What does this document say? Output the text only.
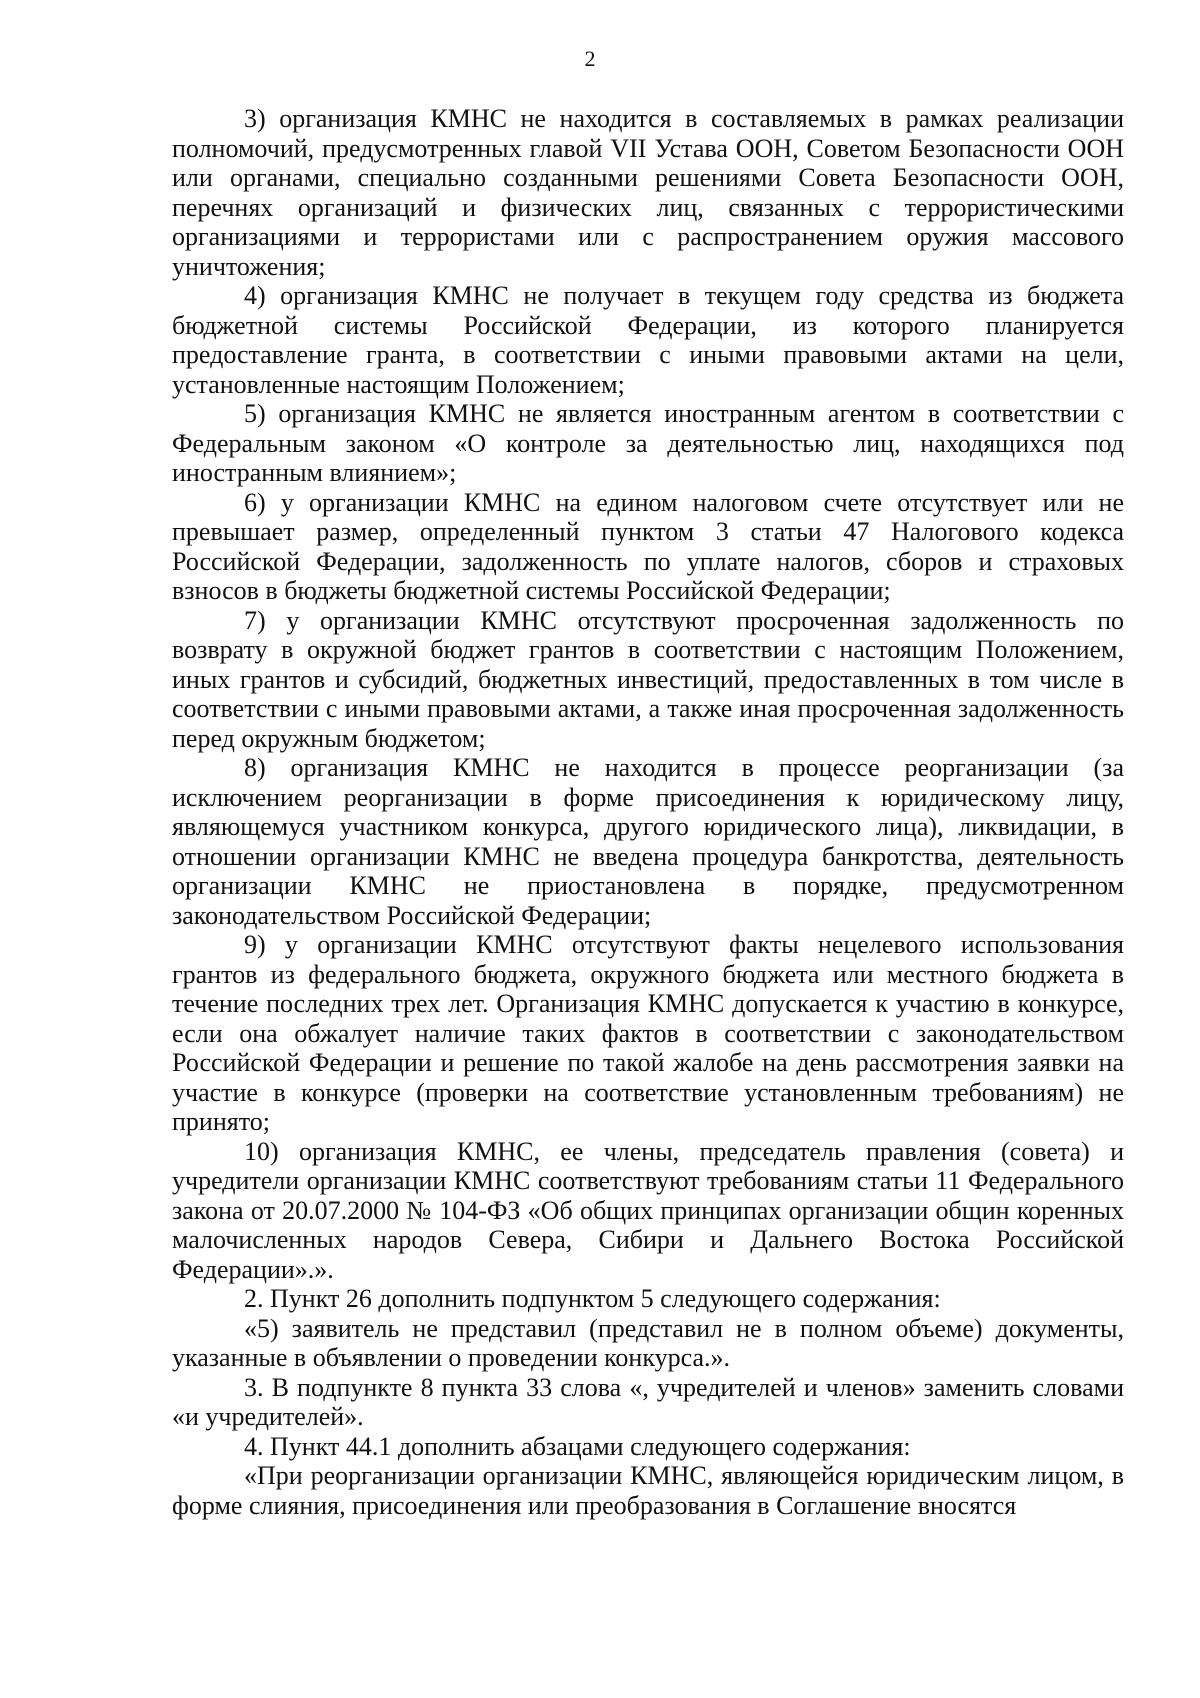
2

3) организация КМНС не находится в составляемых в рамках реализации полномочий, предусмотренных главой VII Устава ООН, Советом Безопасности ООН или органами, специально созданными решениями Совета Безопасности ООН, перечнях организаций и физических лиц, связанных с террористическими организациями и террористами или с распространением оружия массового уничтожения;

4) организация КМНС не получает в текущем году средства из бюджета бюджетной системы Российской Федерации, из которого планируется предоставление гранта, в соответствии с иными правовыми актами на цели, установленные настоящим Положением;

5) организация КМНС не является иностранным агентом в соответствии с Федеральным законом «О контроле за деятельностью лиц, находящихся под иностранным влиянием»;

6) у организации КМНС на едином налоговом счете отсутствует или не превышает размер, определенный пунктом 3 статьи 47 Налогового кодекса Российской Федерации, задолженность по уплате налогов, сборов и страховых взносов в бюджеты бюджетной системы Российской Федерации;

7) у организации КМНС отсутствуют просроченная задолженность по возврату в окружной бюджет грантов в соответствии с настоящим Положением, иных грантов и субсидий, бюджетных инвестиций, предоставленных в том числе в соответствии с иными правовыми актами, а также иная просроченная задолженность перед окружным бюджетом;

8) организация КМНС не находится в процессе реорганизации (за исключением реорганизации в форме присоединения к юридическому лицу, являющемуся участником конкурса, другого юридического лица), ликвидации, в отношении организации КМНС не введена процедура банкротства, деятельность организации КМНС не приостановлена в порядке, предусмотренном законодательством Российской Федерации;

9) у организации КМНС отсутствуют факты нецелевого использования грантов из федерального бюджета, окружного бюджета или местного бюджета в течение последних трех лет. Организация КМНС допускается к участию в конкурсе, если она обжалует наличие таких фактов в соответствии с законодательством Российской Федерации и решение по такой жалобе на день рассмотрения заявки на участие в конкурсе (проверки на соответствие установленным требованиям) не принято;

10) организация КМНС, ее члены, председатель правления (совета) и учредители организации КМНС соответствуют требованиям статьи 11 Федерального закона от 20.07.2000 № 104-ФЗ «Об общих принципах организации общин коренных малочисленных народов Севера, Сибири и Дальнего Востока Российской Федерации».».

2. Пункт 26 дополнить подпунктом 5 следующего содержания:

«5) заявитель не представил (представил не в полном объеме) документы, указанные в объявлении о проведении конкурса.».

3. В подпункте 8 пункта 33 слова «, учредителей и членов» заменить словами «и учредителей».

4. Пункт 44.1 дополнить абзацами следующего содержания:

«При реорганизации организации КМНС, являющейся юридическим лицом, в форме слияния, присоединения или преобразования в Соглашение вносятся
